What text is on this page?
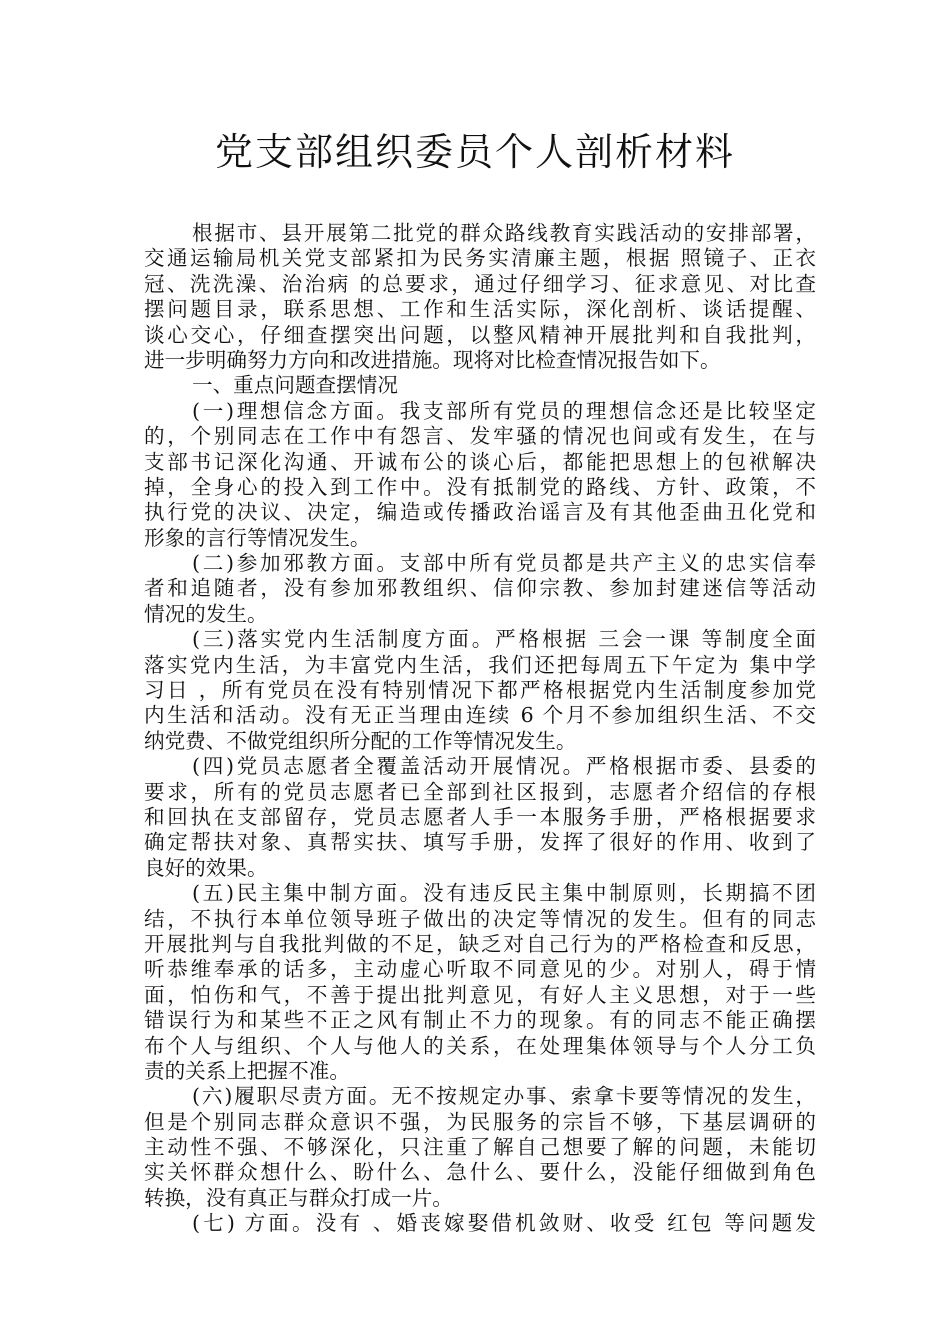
党支部组织委员个人剖析材料
根据市、县开展第二批党的群众路线教育实践活动的安排部署，
交通运输局机关党支部紧扣为民务实清廉主题，根据 照镜子、正衣
冠、洗洗澡、治治病 的总要求，通过仔细学习、征求意见、对比查
摆问题目录，联系思想、工作和生活实际，深化剖析、谈话提醒、
谈心交心，仔细查摆突出问题，以整风精神开展批判和自我批判，
进一步明确努力方向和改进措施。现将对比检查情况报告如下。
一、重点问题查摆情况
(一)理想信念方面。我支部所有党员的理想信念还是比较坚定
的，个别同志在工作中有怨言、发牢骚的情况也间或有发生，在与
支部书记深化沟通、开诚布公的谈心后，都能把思想上的包袱解决
掉，全身心的投入到工作中。没有抵制党的路线、方针、政策，不
执行党的决议、决定，编造或传播政治谣言及有其他歪曲丑化党和
形象的言行等情况发生。
(二)参加邪教方面。支部中所有党员都是共产主义的忠实信奉
者和追随者，没有参加邪教组织、信仰宗教、参加封建迷信等活动
情况的发生。
(三)落实党内生活制度方面。严格根据 三会一课 等制度全面
落实党内生活，为丰富党内生活，我们还把每周五下午定为 集中学
习日 ，所有党员在没有特别情况下都严格根据党内生活制度参加党
内生活和活动。没有无正当理由连续 6 个月不参加组织生活、不交
纳党费、不做党组织所分配的工作等情况发生。
(四)党员志愿者全覆盖活动开展情况。严格根据市委、县委的
要求，所有的党员志愿者已全部到社区报到，志愿者介绍信的存根
和回执在支部留存，党员志愿者人手一本服务手册，严格根据要求
确定帮扶对象、真帮实扶、填写手册，发挥了很好的作用、收到了
良好的效果。
(五)民主集中制方面。没有违反民主集中制原则，长期搞不团
结，不执行本单位领导班子做出的决定等情况的发生。但有的同志
开展批判与自我批判做的不足，缺乏对自己行为的严格检查和反思，
听恭维奉承的话多，主动虚心听取不同意见的少。对别人，碍于情
面，怕伤和气，不善于提出批判意见，有好人主义思想，对于一些
错误行为和某些不正之风有制止不力的现象。有的同志不能正确摆
布个人与组织、个人与他人的关系，在处理集体领导与个人分工负
责的关系上把握不准。
(六)履职尽责方面。无不按规定办事、索拿卡要等情况的发生，
但是个别同志群众意识不强，为民服务的宗旨不够，下基层调研的
主动性不强、不够深化，只注重了解自己想要了解的问题，未能切
实关怀群众想什么、盼什么、急什么、要什么，没能仔细做到角色
转换，没有真正与群众打成一片。
(七) 方面。没有 、婚丧嫁娶借机敛财、收受 红包 等问题发
